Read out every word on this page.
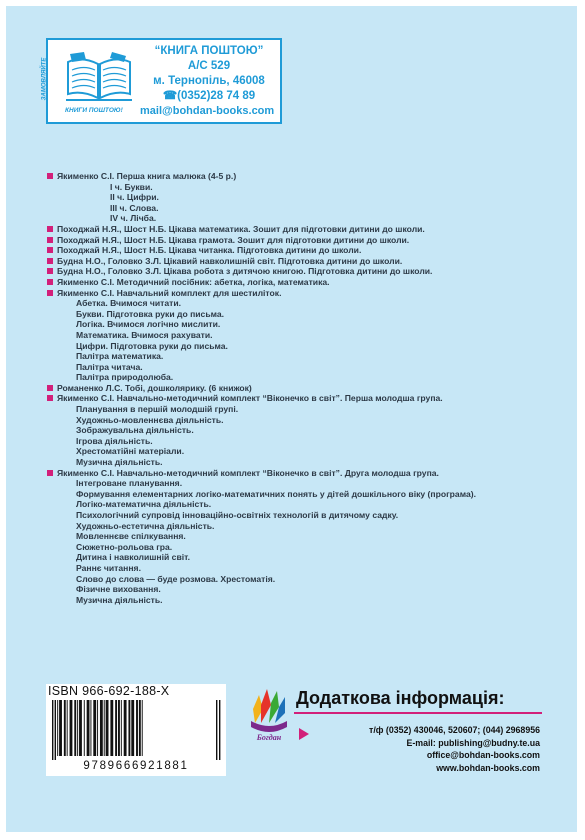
ЗАМОВЛЯЙТЕ
КНИГИ ПОШТОЮ!
“КНИГА ПОШТОЮ”
А/С 529
м. Тернопіль, 46008
☎(0352)28 74 89
mail@bohdan-books.com
Якименко С.І. Перша книга малюка (4-5 р.)
І ч. Букви.
ІІ ч. Цифри.
ІІІ ч. Слова.
ІV ч. Лічба.
Походжай Н.Я., Шост Н.Б. Цікава математика. Зошит для підготовки дитини до школи.
Походжай Н.Я., Шост Н.Б. Цікава грамота. Зошит для підготовки дитини до школи.
Походжай Н.Я., Шост Н.Б. Цікава читанка. Підготовка дитини до школи.
Будна Н.О., Головко З.Л. Цікавий навколишній світ. Підготовка дитини до школи.
Будна Н.О., Головко З.Л. Цікава робота з дитячою книгою. Підготовка дитини до школи.
Якименко С.І. Методичний посібник: абетка, логіка, математика.
Якименко С.І. Навчальний комплект для шестиліток.
Абетка. Вчимося читати.
Букви. Підготовка руки до письма.
Логіка. Вчимося логічно мислити.
Математика. Вчимося рахувати.
Цифри. Підготовка руки до письма.
Палітра математика.
Палітра читача.
Палітра природолюба.
Романенко Л.С. Тобі, дошколярику. (6 книжок)
Якименко С.І. Навчально-методичний комплект “Віконечко в світ”. Перша молодша група.
Планування в першій молодшій групі.
Художньо-мовленнєва діяльність.
Зображувальна діяльність.
Ігрова діяльність.
Хрестоматійні матеріали.
Музична діяльність.
Якименко С.І. Навчально-методичний комплект “Віконечко в світ”. Друга молодша група.
Інтегроване планування.
Формування елементарних логіко-математичних понять у дітей дошкільного віку (програма).
Логіко-математична діяльність.
Психологічний супровід інноваційно-освітніх технологій в дитячому садку.
Художньо-естетична діяльність.
Мовленнєве спілкування.
Сюжетно-рольова гра.
Дитина і навколишній світ.
Раннє читання.
Слово до слова — буде розмова. Хрестоматія.
Фізичне виховання.
Музична діяльність.
ISBN 966-692-188-X
9789666921881
Богдан
Додаткова інформація:
т/ф (0352) 430046, 520607; (044) 2968956
E-mail: publishing@budny.te.ua
office@bohdan-books.com
www.bohdan-books.com
